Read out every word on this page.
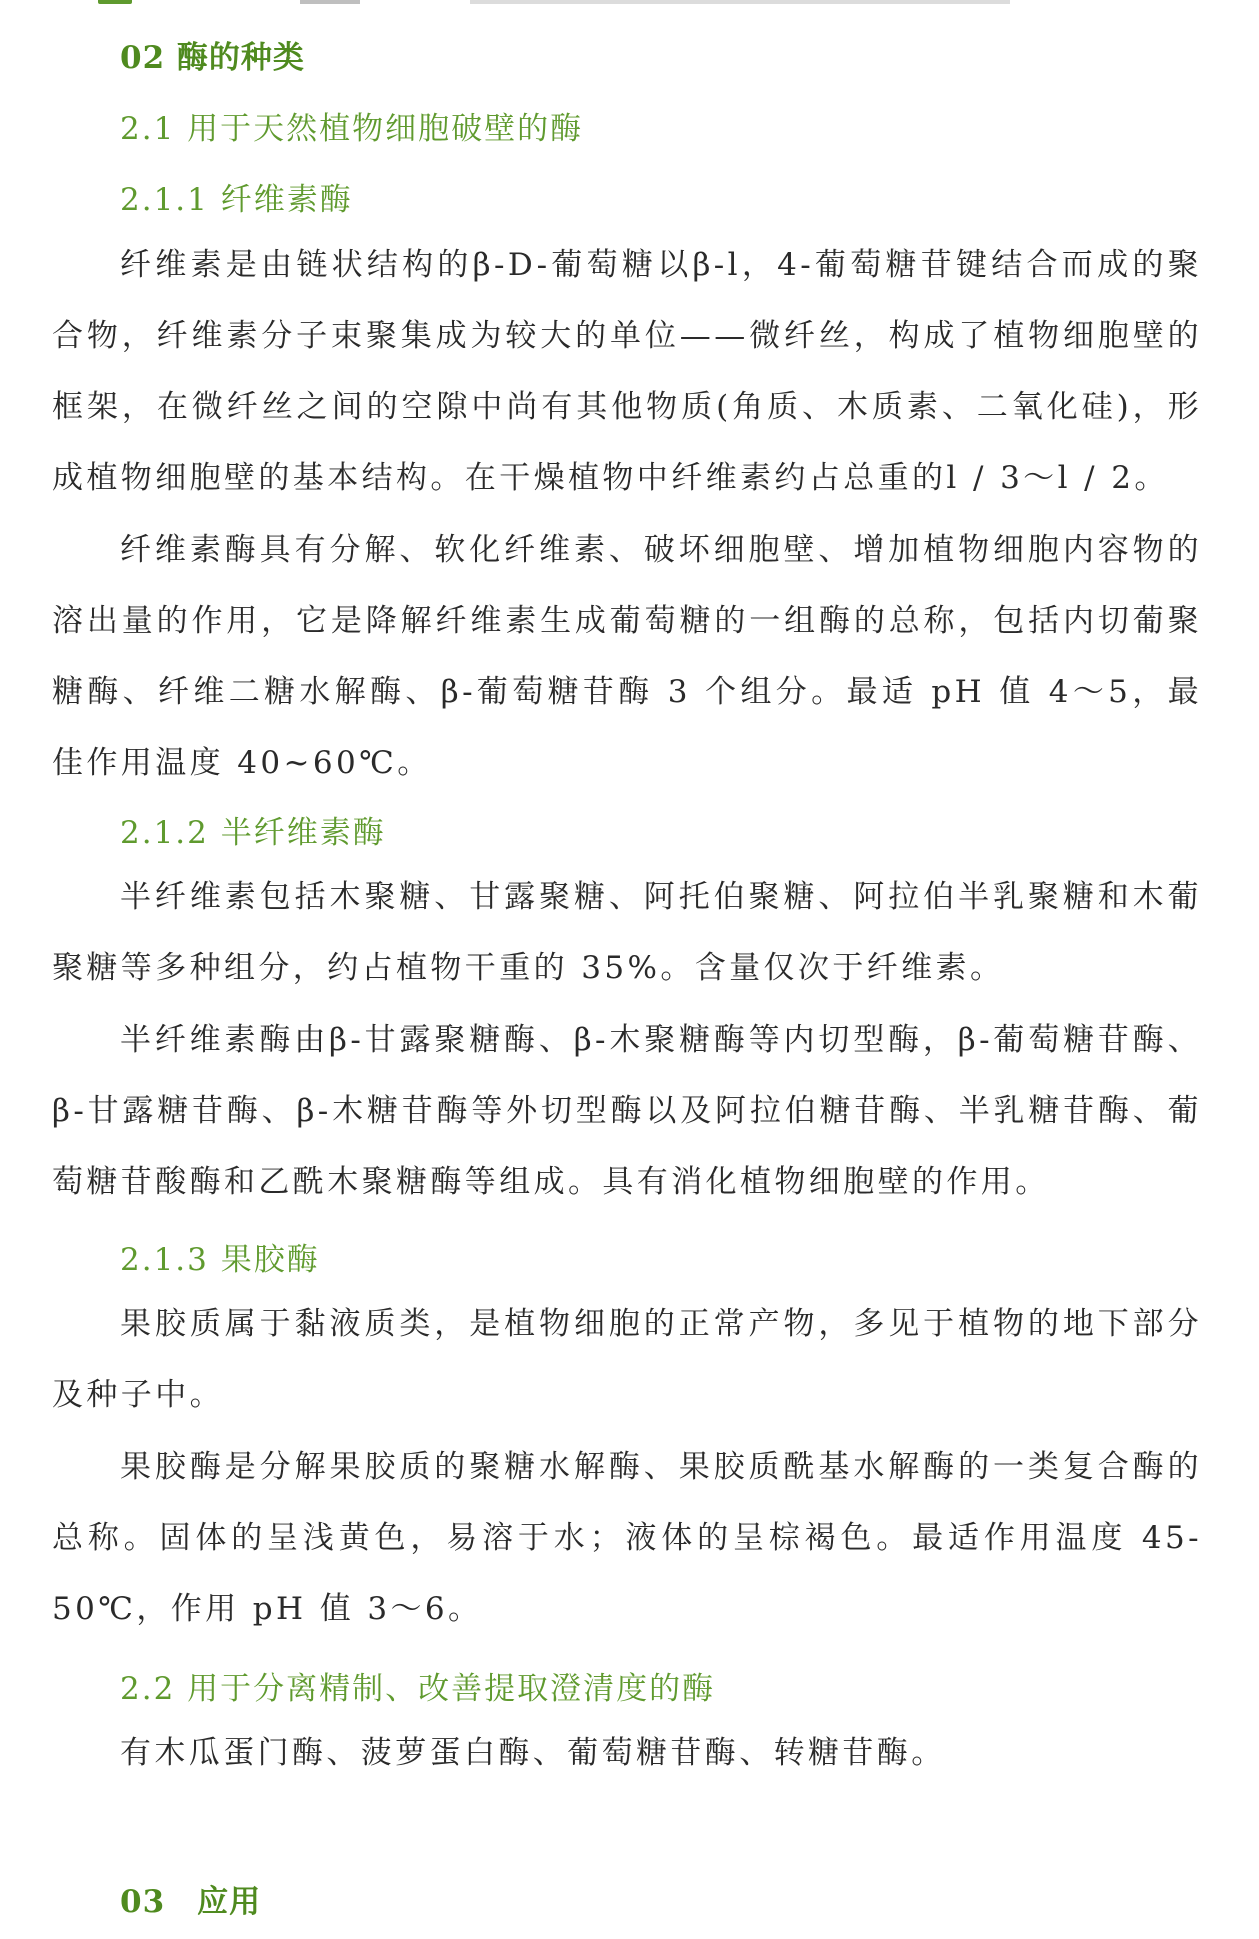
02 酶的种类
2.1 用于天然植物细胞破壁的酶
2.1.1 纤维素酶

纤维素是由链状结构的β-D-葡萄糖以β-l，4-葡萄糖苷键结合而成的聚合物，纤维素分子束聚集成为较大的单位——微纤丝，构成了植物细胞壁的框架，在微纤丝之间的空隙中尚有其他物质(角质、木质素、二氧化硅)，形成植物细胞壁的基本结构。在干燥植物中纤维素约占总重的l / 3～l / 2。

纤维素酶具有分解、软化纤维素、破坏细胞壁、增加植物细胞内容物的溶出量的作用，它是降解纤维素生成葡萄糖的一组酶的总称，包括内切葡聚糖酶、纤维二糖水解酶、β-葡萄糖苷酶 3 个组分。最适 pH 值 4～5，最佳作用温度 40~60℃。

2.1.2 半纤维素酶

半纤维素包括木聚糖、甘露聚糖、阿托伯聚糖、阿拉伯半乳聚糖和木葡聚糖等多种组分，约占植物干重的 35%。含量仅次于纤维素。

半纤维素酶由β-甘露聚糖酶、β-木聚糖酶等内切型酶，β-葡萄糖苷酶、β-甘露糖苷酶、β-木糖苷酶等外切型酶以及阿拉伯糖苷酶、半乳糖苷酶、葡萄糖苷酸酶和乙酰木聚糖酶等组成。具有消化植物细胞壁的作用。

2.1.3 果胶酶

果胶质属于黏液质类，是植物细胞的正常产物，多见于植物的地下部分及种子中。

果胶酶是分解果胶质的聚糖水解酶、果胶质酰基水解酶的一类复合酶的总称。固体的呈浅黄色，易溶于水；液体的呈棕褐色。最适作用温度 45-50℃，作用 pH 值 3～6。

2.2 用于分离精制、改善提取澄清度的酶

有木瓜蛋门酶、菠萝蛋白酶、葡萄糖苷酶、转糖苷酶。

03　应用
